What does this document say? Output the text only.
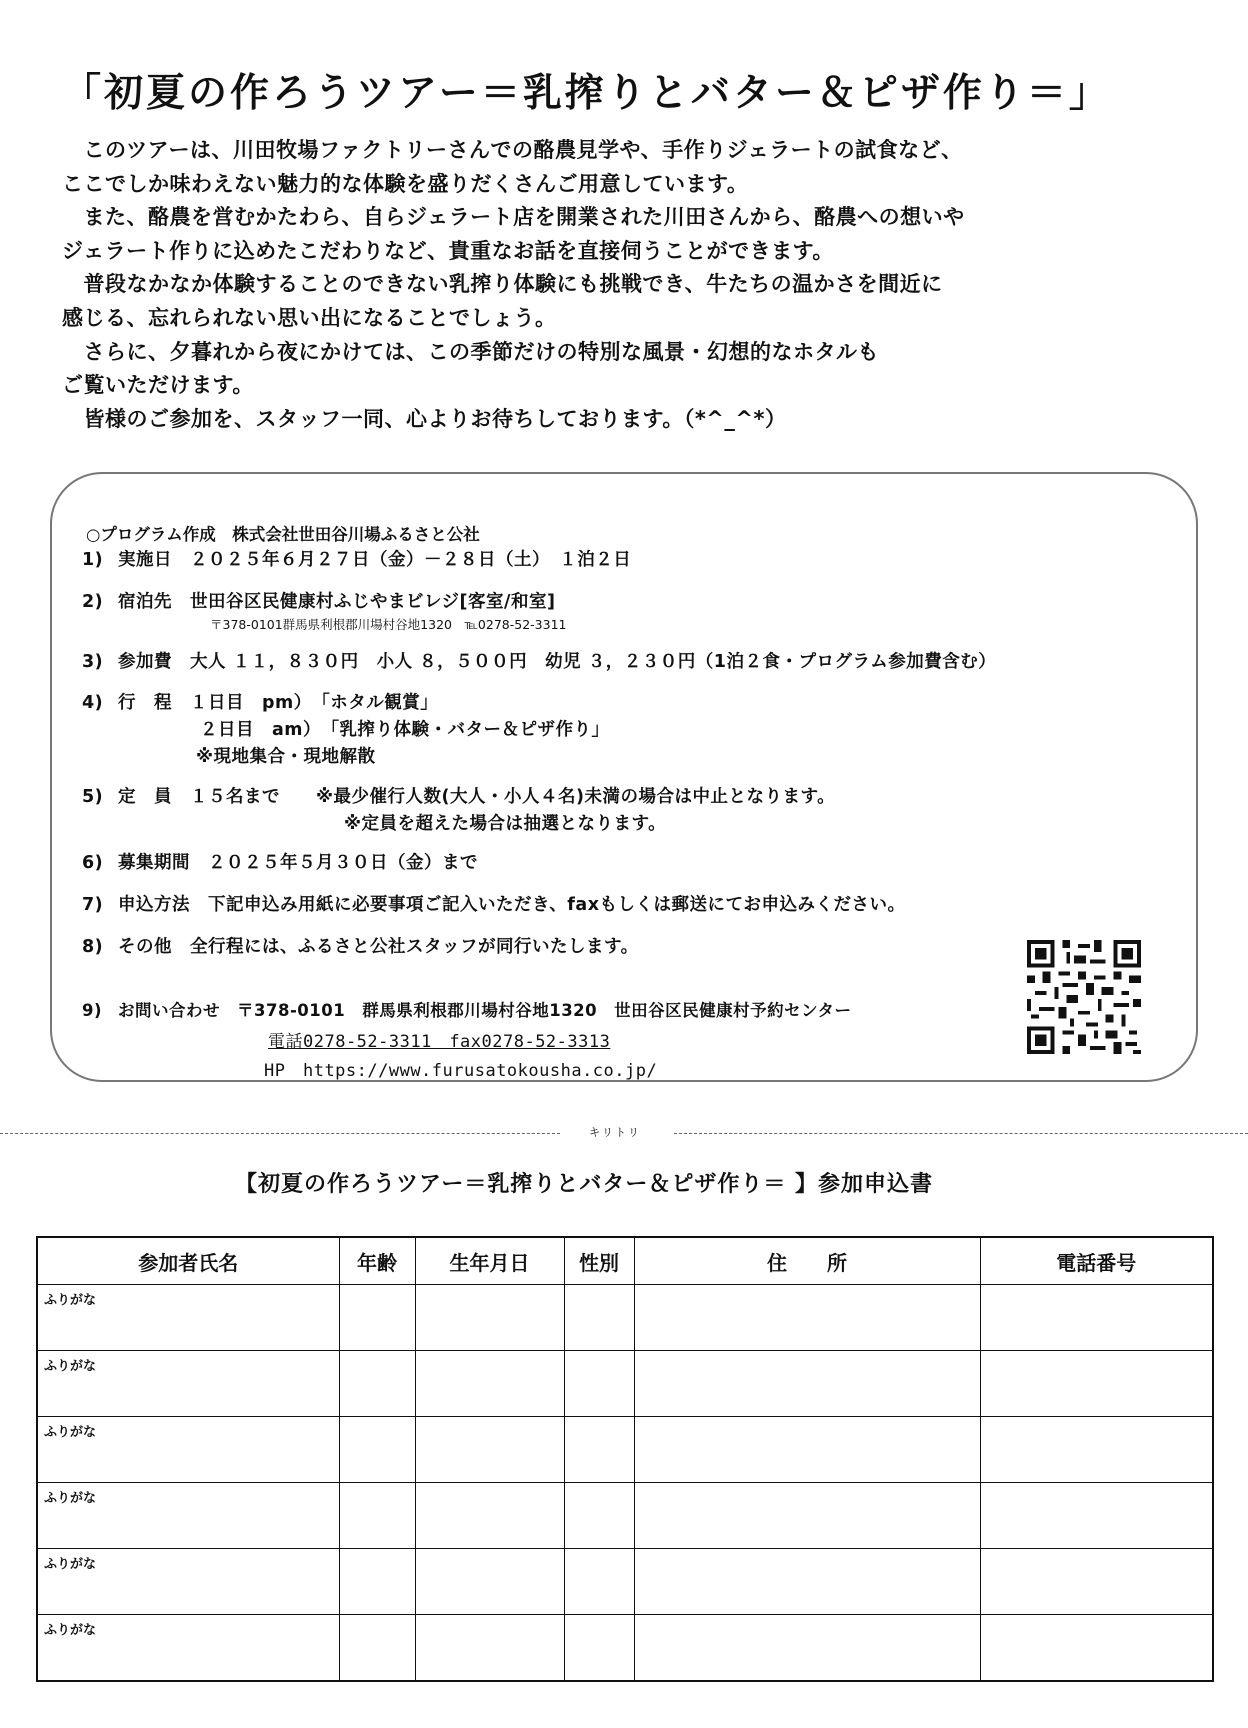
「初夏の作ろうツアー＝乳搾りとバター＆ピザ作り＝」

　このツアーは、川田牧場ファクトリーさんでの酪農見学や、手作りジェラートの試食など、

ここでしか味わえない魅力的な体験を盛りだくさんご用意しています。

　また、酪農を営むかたわら、自らジェラート店を開業された川田さんから、酪農への想いや

ジェラート作りに込めたこだわりなど、貴重なお話を直接伺うことができます。

　普段なかなか体験することのできない乳搾り体験にも挑戦でき、牛たちの温かさを間近に

感じる、忘れられない思い出になることでしょう。

　さらに、夕暮れから夜にかけては、この季節だけの特別な風景・幻想的なホタルも

ご覧いただけます。

　皆様のご参加を、スタッフ一同、心よりお待ちしております。（*^_^*）

○プログラム作成　株式会社世田谷川場ふるさと公社
1) 実施日　２０２５年６月２７日（金）－２８日（土）　１泊２日
2) 宿泊先　世田谷区民健康村ふじやまビレジ[客室/和室]
〒378-0101群馬県利根郡川場村谷地1320　℡0278-52-3311
3) 参加費　大人 １１，８３０円　小人 ８，５００円　幼児 ３，２３０円（1泊２食・プログラム参加費含む）
4) 行　程　１日目　pm）　「ホタル観賞」
２日目　am）　「乳搾り体験・バター＆ピザ作り」
※現地集合・現地解散
5) 定　員　１５名まで　　※最少催行人数(大人・小人４名)未満の場合は中止となります。
※定員を超えた場合は抽選となります。
6) 募集期間　２０２５年５月３０日（金）まで
7) 申込方法　下記申込み用紙に必要事項ご記入いただき、faxもしくは郵送にてお申込みください。
8) その他　全行程には、ふるさと公社スタッフが同行いたします。
9) お問い合わせ　〒378-0101　群馬県利根郡川場村谷地1320　世田谷区民健康村予約センター
電話0278-52-3311　fax0278-52-3313
HP　https://www.furusatokousha.co.jp/
キリトリ
【初夏の作ろうツアー＝乳搾りとバター＆ピザ作り＝ 】参加申込書
参加者氏名	年齢	生年月日	性別	住　　所	電話番号
ふりがな					
ふりがな					
ふりがな					
ふりがな					
ふりがな					
ふりがな					
